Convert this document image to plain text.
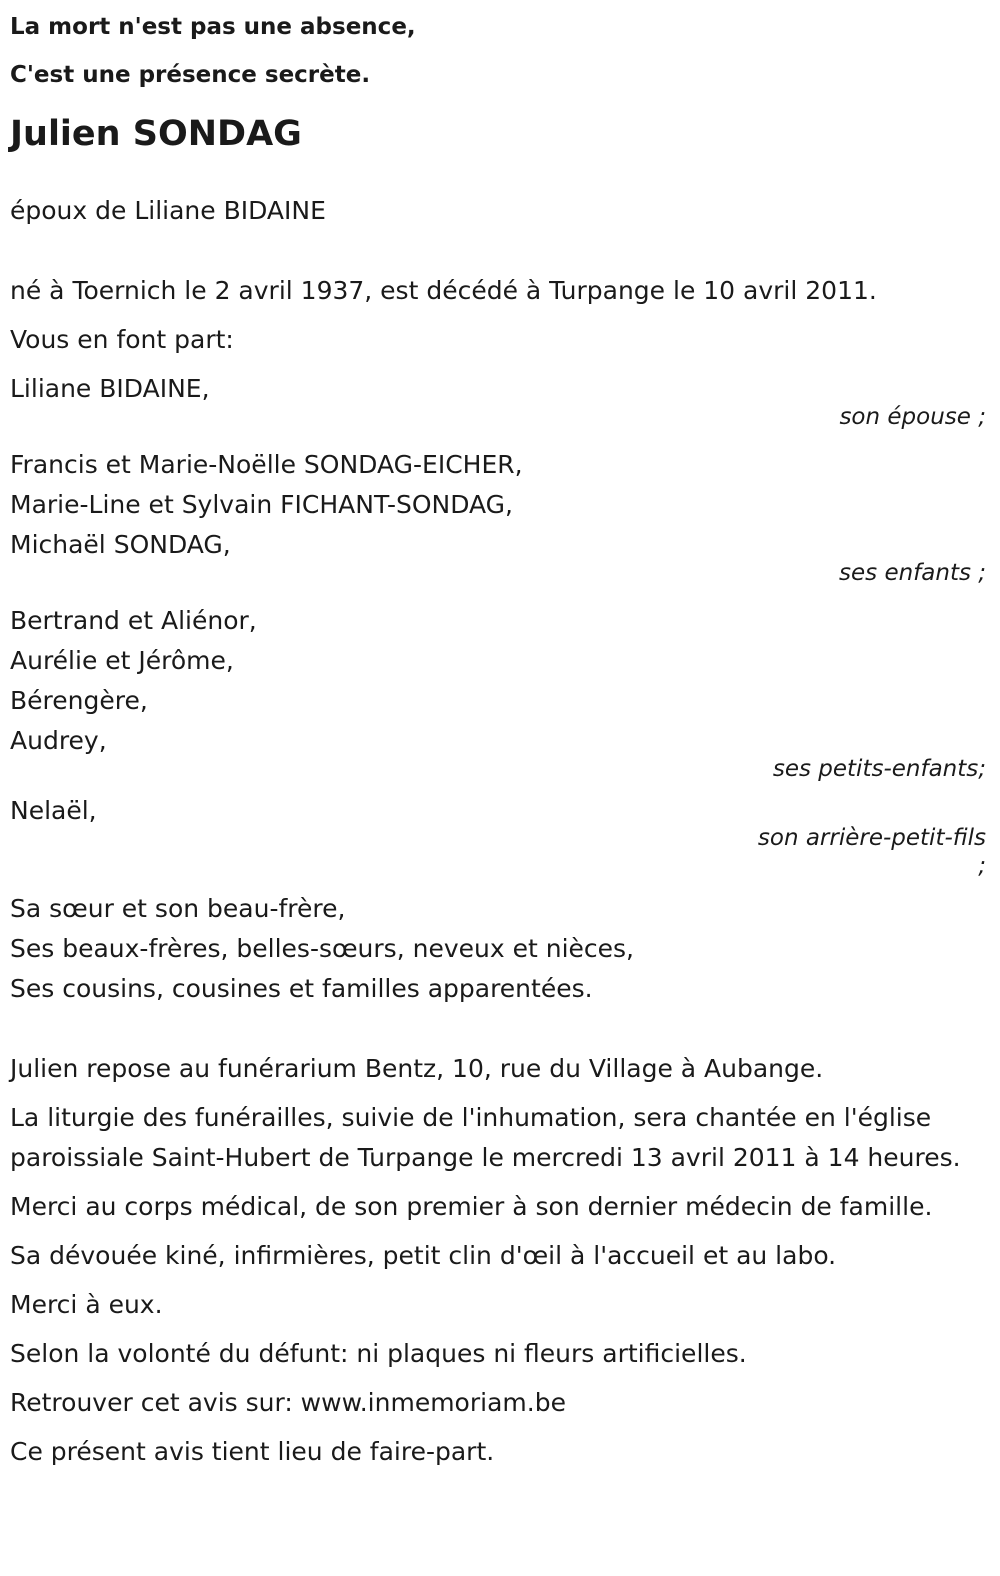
La mort n'est pas une absence,
C'est une présence secrète.
Julien SONDAG
époux de Liliane BIDAINE
né à Toernich le 2 avril 1937, est décédé à Turpange le 10 avril 2011.
Vous en font part:
Liliane BIDAINE,
son épouse ;
Francis et Marie-Noëlle SONDAG-EICHER,
Marie-Line et Sylvain FICHANT-SONDAG,
Michaël SONDAG,
ses enfants ;
Bertrand et Aliénor,
Aurélie et Jérôme,
Bérengère,
Audrey,
ses petits-enfants;
Nelaël,
son arrière-petit-fils
;
Sa sœur et son beau-frère,
Ses beaux-frères, belles-sœurs, neveux et nièces,
Ses cousins, cousines et familles apparentées.
Julien repose au funérarium Bentz, 10, rue du Village à Aubange.
La liturgie des funérailles, suivie de l'inhumation, sera chantée en l'église paroissiale Saint-Hubert de Turpange le mercredi 13 avril 2011 à 14 heures.
Merci au corps médical, de son premier à son dernier médecin de famille.
Sa dévouée kiné, infirmières, petit clin d'œil à l'accueil et au labo.
Merci à eux.
Selon la volonté du défunt: ni plaques ni fleurs artificielles.
Retrouver cet avis sur: www.inmemoriam.be
Ce présent avis tient lieu de faire-part.
